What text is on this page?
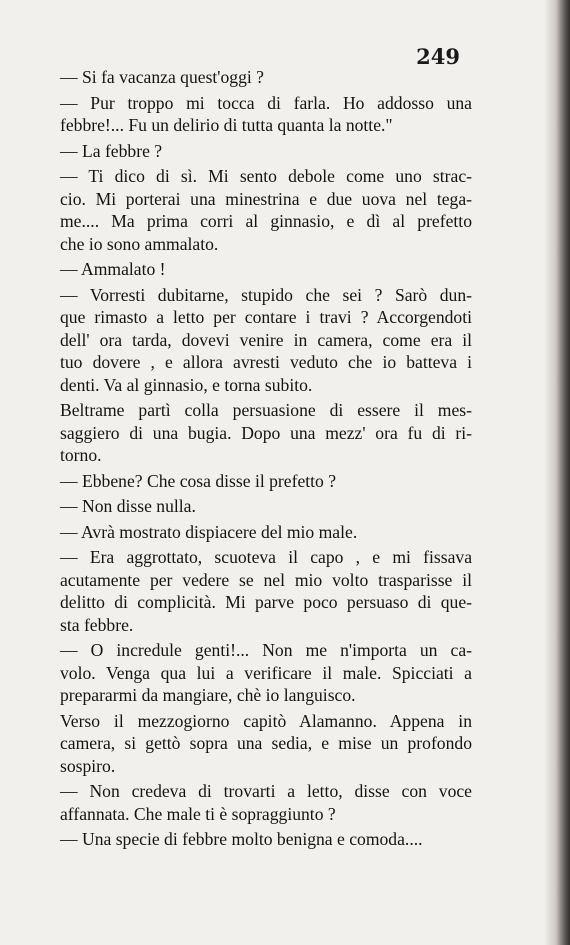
249
— Si fa vacanza quest'oggi ?
— Pur troppo mi tocca di farla. Ho addosso una
febbre!... Fu un delirio di tutta quanta la notte."
— La febbre ?
— Ti dico di sì. Mi sento debole come uno strac-
cio. Mi porterai una minestrina e due uova nel tega-
me.... Ma prima corri al ginnasio, e dì al prefetto
che io sono ammalato.
— Ammalato !
— Vorresti dubitarne, stupido che sei ? Sarò dun-
que rimasto a letto per contare i travi ? Accorgendoti
dell' ora tarda, dovevi venire in camera, come era il
tuo dovere , e allora avresti veduto che io batteva i
denti. Va al ginnasio, e torna subito.
Beltrame partì colla persuasione di essere il mes-
saggiero di una bugia. Dopo una mezz' ora fu di ri-
torno.
— Ebbene? Che cosa disse il prefetto ?
— Non disse nulla.
— Avrà mostrato dispiacere del mio male.
— Era aggrottato, scuoteva il capo , e mi fissava
acutamente per vedere se nel mio volto trasparisse il
delitto di complicità. Mi parve poco persuaso di que-
sta febbre.
— O incredule genti!... Non me n'importa un ca-
volo. Venga qua lui a verificare il male. Spicciati a
prepararmi da mangiare, chè io languisco.
Verso il mezzogiorno capitò Alamanno. Appena in
camera, si gettò sopra una sedia, e mise un profondo
sospiro.
— Non credeva di trovarti a letto, disse con voce
affannata. Che male ti è sopraggiunto ?
— Una specie di febbre molto benigna e comoda....
